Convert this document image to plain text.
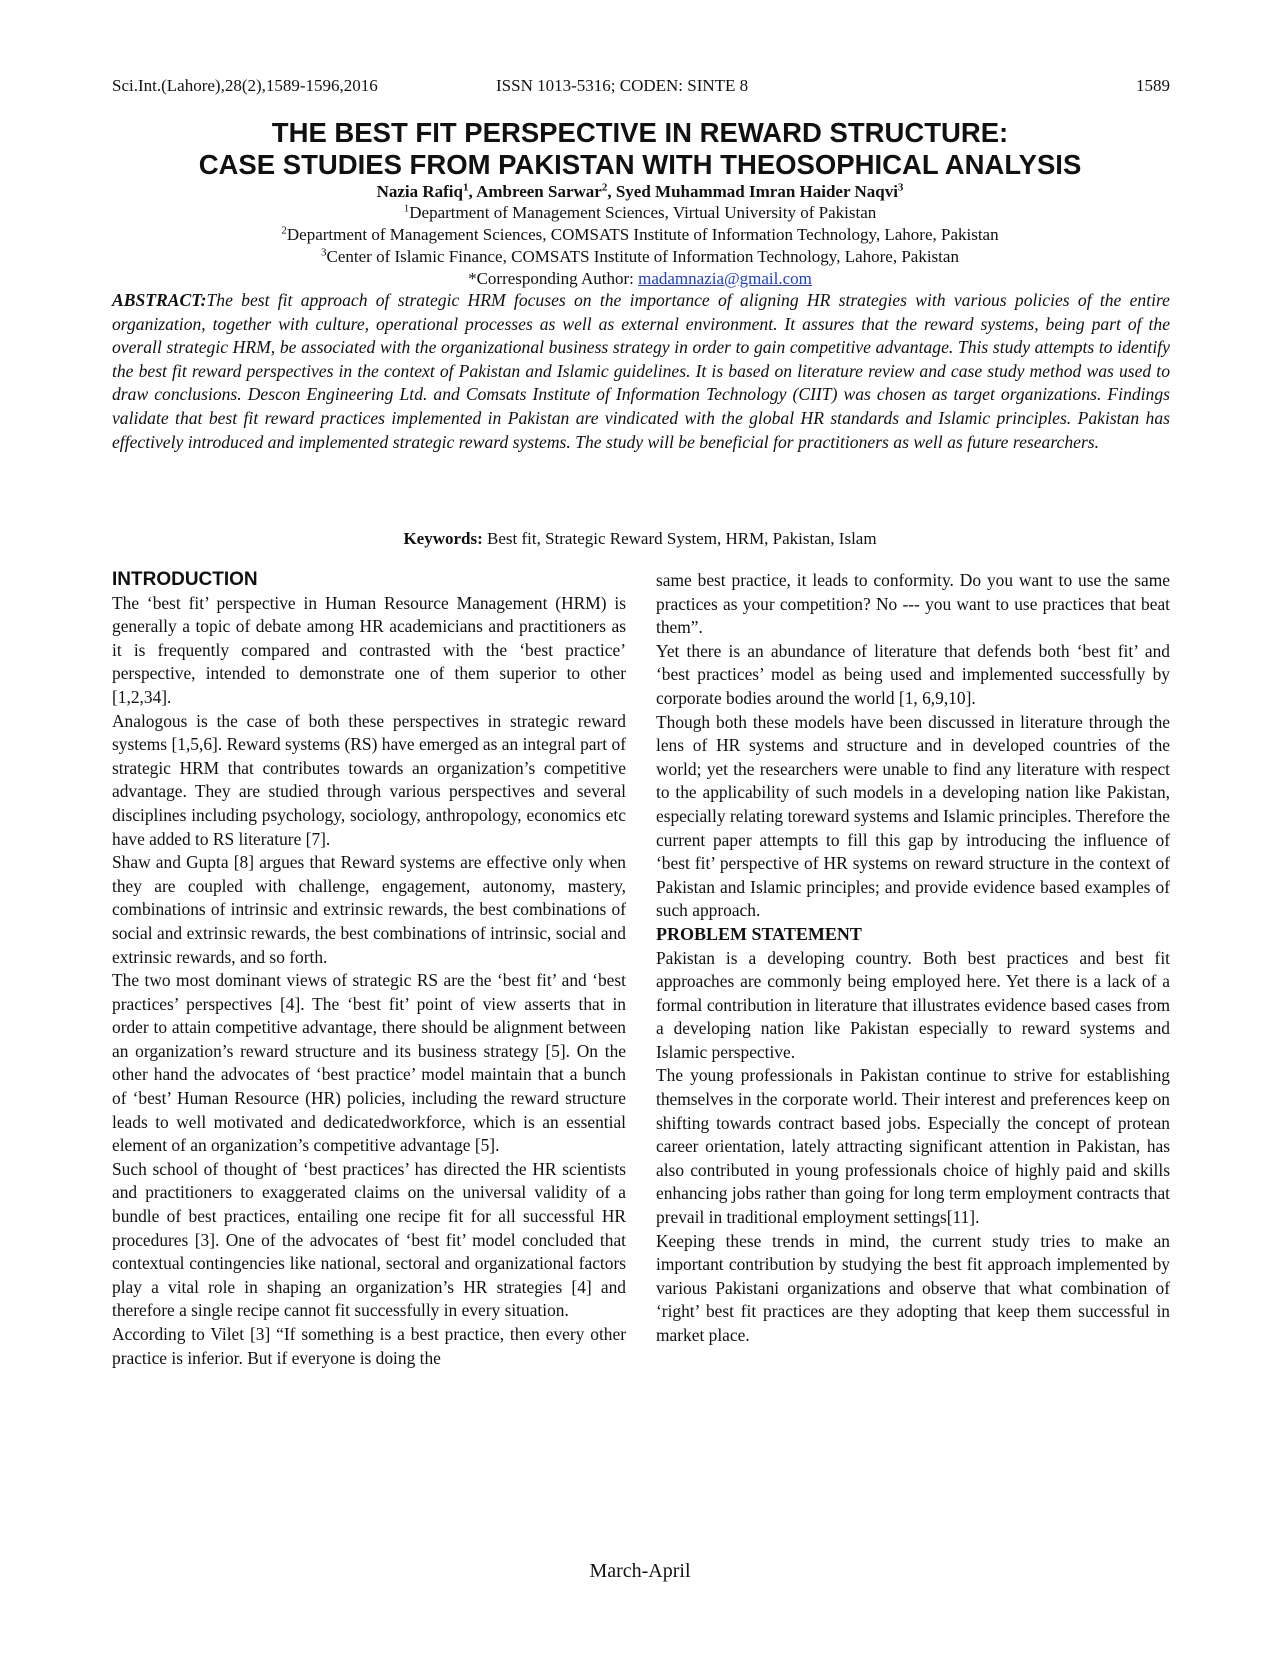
Sci.Int.(Lahore),28(2),1589-1596,2016	ISSN 1013-5316; CODEN: SINTE 8	1589
THE BEST FIT PERSPECTIVE IN REWARD STRUCTURE:
CASE STUDIES FROM PAKISTAN WITH THEOSOPHICAL ANALYSIS
Nazia Rafiq$^1$, Ambreen Sarwar$^2$, Syed Muhammad Imran Haider Naqvi$^3$
$^1$Department of Management Sciences, Virtual University of Pakistan
$^2$Department of Management Sciences, COMSATS Institute of Information Technology, Lahore, Pakistan
$^3$Center of Islamic Finance, COMSATS Institute of Information Technology, Lahore, Pakistan
*Corresponding Author: madamnazia@gmail.com

ABSTRACT:The best fit approach of strategic HRM focuses on the importance of aligning HR strategies with various policies of the entire organization, together with culture, operational processes as well as external environment. It assures that the reward systems, being part of the overall strategic HRM, be associated with the organizational business strategy in order to gain competitive advantage. This study attempts to identify the best fit reward perspectives in the context of Pakistan and Islamic guidelines. It is based on literature review and case study method was used to draw conclusions. Descon Engineering Ltd. and Comsats Institute of Information Technology (CIIT) was chosen as target organizations. Findings validate that best fit reward practices implemented in Pakistan are vindicated with the global HR standards and Islamic principles. Pakistan has effectively introduced and implemented strategic reward systems. The study will be beneficial for practitioners as well as future researchers.

Keywords: Best fit, Strategic Reward System, HRM, Pakistan, Islam
INTRODUCTION

The ‘best fit’ perspective in Human Resource Management (HRM) is generally a topic of debate among HR academicians and practitioners as it is frequently compared and contrasted with the ‘best practice’ perspective, intended to demonstrate one of them superior to other [1,2,34].

Analogous is the case of both these perspectives in strategic reward systems [1,5,6]. Reward systems (RS) have emerged as an integral part of strategic HRM that contributes towards an organization’s competitive advantage. They are studied through various perspectives and several disciplines including psychology, sociology, anthropology, economics etc have added to RS literature [7].

Shaw and Gupta [8] argues that Reward systems are effective only when they are coupled with challenge, engagement, autonomy, mastery, combinations of intrinsic and extrinsic rewards, the best combinations of social and extrinsic rewards, the best combinations of intrinsic, social and extrinsic rewards, and so forth.

The two most dominant views of strategic RS are the ‘best fit’ and ‘best practices’ perspectives [4]. The ‘best fit’ point of view asserts that in order to attain competitive advantage, there should be alignment between an organization’s reward structure and its business strategy [5]. On the other hand the advocates of ‘best practice’ model maintain that a bunch of ‘best’ Human Resource (HR) policies, including the reward structure leads to well motivated and dedicatedworkforce, which is an essential element of an organization’s competitive advantage [5].

Such school of thought of ‘best practices’ has directed the HR scientists and practitioners to exaggerated claims on the universal validity of a bundle of best practices, entailing one recipe fit for all successful HR procedures [3]. One of the advocates of ‘best fit’ model concluded that contextual contingencies like national, sectoral and organizational factors play a vital role in shaping an organization’s HR strategies [4] and therefore a single recipe cannot fit successfully in every situation.

According to Vilet [3] “If something is a best practice, then every other practice is inferior. But if everyone is doing the

same best practice, it leads to conformity. Do you want to use the same practices as your competition? No --- you want to use practices that beat them”.

Yet there is an abundance of literature that defends both ‘best fit’ and ‘best practices’ model as being used and implemented successfully by corporate bodies around the world [1, 6,9,10].

Though both these models have been discussed in literature through the lens of HR systems and structure and in developed countries of the world; yet the researchers were unable to find any literature with respect to the applicability of such models in a developing nation like Pakistan, especially relating toreward systems and Islamic principles. Therefore the current paper attempts to fill this gap by introducing the influence of ‘best fit’ perspective of HR systems on reward structure in the context of Pakistan and Islamic principles; and provide evidence based examples of such approach.

PROBLEM STATEMENT

Pakistan is a developing country. Both best practices and best fit approaches are commonly being employed here. Yet there is a lack of a formal contribution in literature that illustrates evidence based cases from a developing nation like Pakistan especially to reward systems and Islamic perspective.

The young professionals in Pakistan continue to strive for establishing themselves in the corporate world. Their interest and preferences keep on shifting towards contract based jobs. Especially the concept of protean career orientation, lately attracting significant attention in Pakistan, has also contributed in young professionals choice of highly paid and skills enhancing jobs rather than going for long term employment contracts that prevail in traditional employment settings[11].

Keeping these trends in mind, the current study tries to make an important contribution by studying the best fit approach implemented by various Pakistani organizations and observe that what combination of ‘right’ best fit practices are they adopting that keep them successful in market place.

March-April
